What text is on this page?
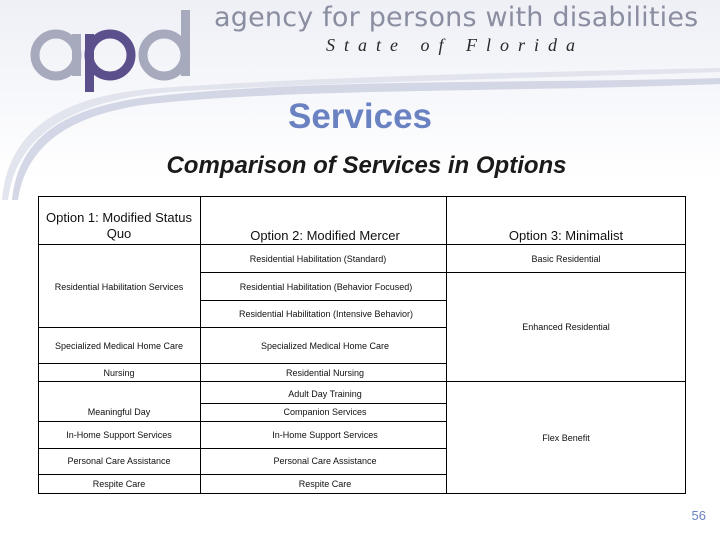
agency for persons with disabilities
State of Florida
Services
Comparison of Services in Options
Option 1: Modified Status Quo	Option 2: Modified Mercer	Option 3: Minimalist
Residential Habilitation Services
Specialized Medical Home Care
Nursing
Meaningful Day
In-Home Support Services
Personal Care Assistance
Respite Care
Residential Habilitation (Standard)
Residential Habilitation (Behavior Focused)
Residential Habilitation (Intensive Behavior)
Specialized Medical Home Care
Residential Nursing
Adult Day Training
Companion Services
In-Home Support Services
Personal Care Assistance
Respite Care
Basic Residential
Enhanced Residential
Flex Benefit
56
